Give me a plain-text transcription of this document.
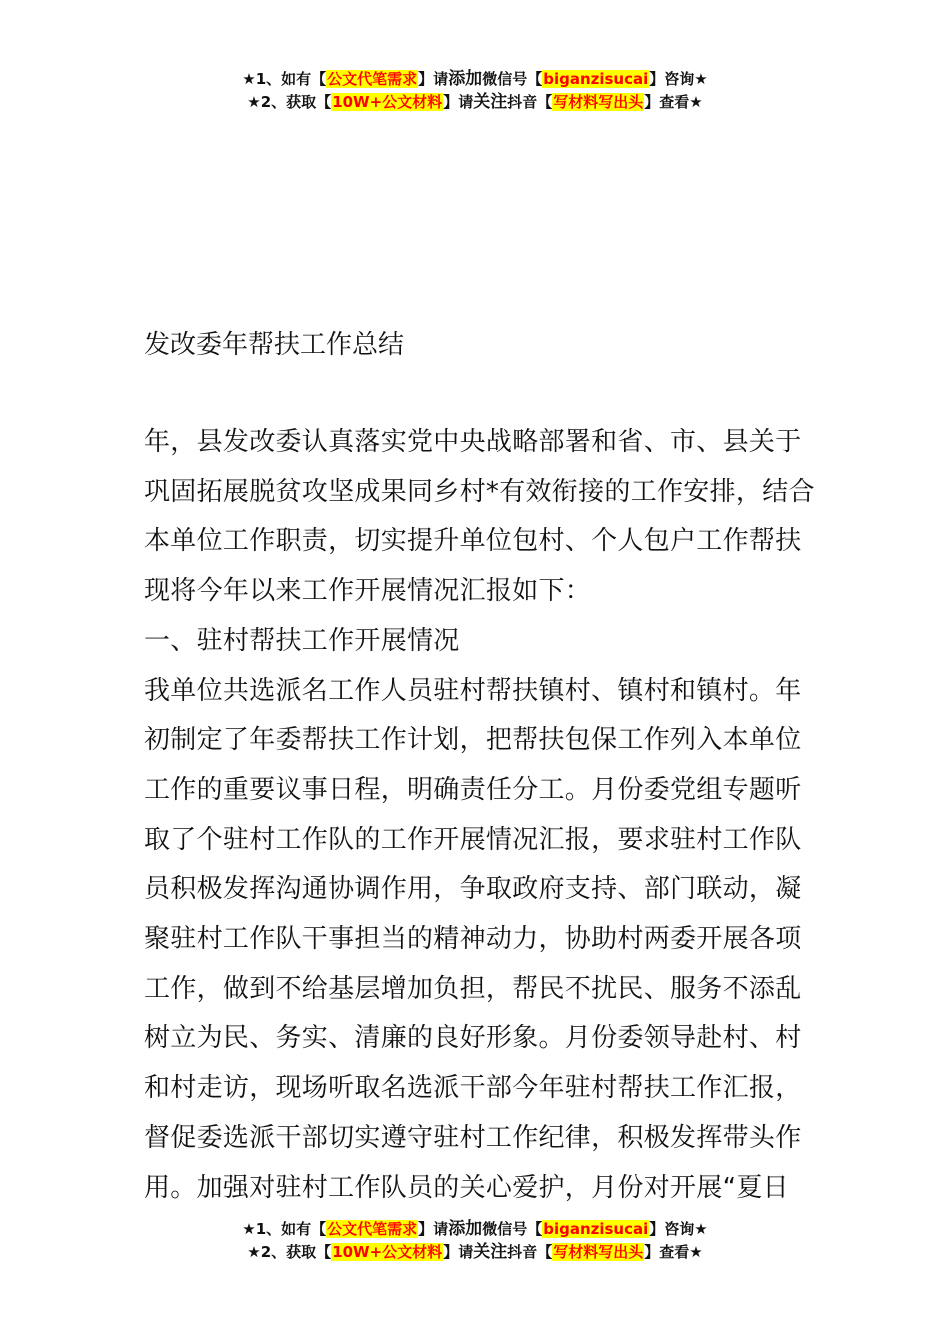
★1、如有【公文代笔需求】请添加微信号【biganzisucai】咨询★
★2、获取【10W+公文材料】请关注抖音【写材料写出头】查看★
发改委年帮扶工作总结
年，县发改委认真落实党中央战略部署和省、市、县关于
巩固拓展脱贫攻坚成果同乡村*有效衔接的工作安排，结合
本单位工作职责，切实提升单位包村、个人包户工作帮扶
现将今年以来工作开展情况汇报如下：
一、驻村帮扶工作开展情况
我单位共选派名工作人员驻村帮扶镇村、镇村和镇村。年
初制定了年委帮扶工作计划，把帮扶包保工作列入本单位
工作的重要议事日程，明确责任分工。月份委党组专题听
取了个驻村工作队的工作开展情况汇报，要求驻村工作队
员积极发挥沟通协调作用，争取政府支持、部门联动，凝
聚驻村工作队干事担当的精神动力，协助村两委开展各项
工作，做到不给基层增加负担，帮民不扰民、服务不添乱
树立为民、务实、清廉的良好形象。月份委领导赴村、村
和村走访，现场听取名选派干部今年驻村帮扶工作汇报，
督促委选派干部切实遵守驻村工作纪律，积极发挥带头作
用。加强对驻村工作队员的关心爱护，月份对开展“夏日
★1、如有【公文代笔需求】请添加微信号【biganzisucai】咨询★
★2、获取【10W+公文材料】请关注抖音【写材料写出头】查看★
